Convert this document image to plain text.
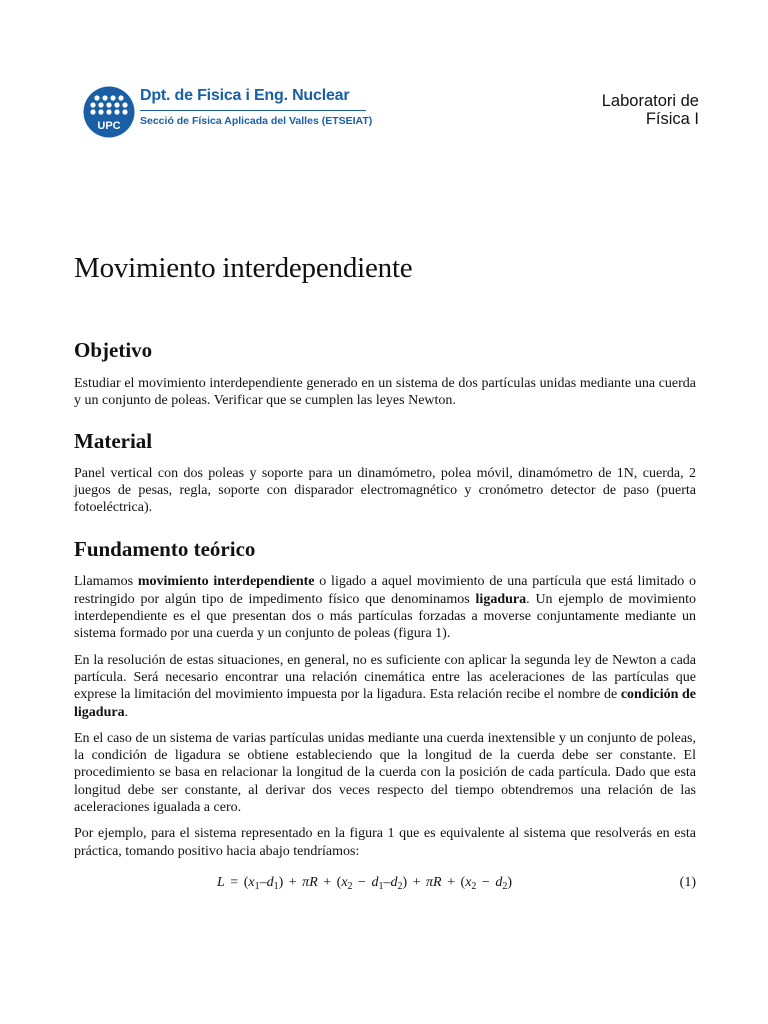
UPC
Dpt. de Fisica i Eng. Nuclear
Secció de Física Aplicada del Valles (ETSEIAT)
Laboratori de
Física I
Movimiento interdependiente
Objetivo

Estudiar el movimiento interdependiente generado en un sistema de dos partículas unidas mediante una cuerda y un conjunto de poleas. Verificar que se cumplen las leyes Newton.

Material

Panel vertical con dos poleas y soporte para un dinamómetro, polea móvil, dinamómetro de 1N, cuerda, 2 juegos de pesas, regla, soporte con disparador electromagnético y cronómetro detector de paso (puerta fotoeléctrica).

Fundamento teórico

Llamamos movimiento interdependiente o ligado a aquel movimiento de una partícula que está limitado o restringido por algún tipo de impedimento físico que denominamos ligadura. Un ejemplo de movimiento interdependiente es el que presentan dos o más partículas forzadas a moverse conjuntamente mediante un sistema formado por una cuerda y un conjunto de poleas (figura 1).

En la resolución de estas situaciones, en general, no es suficiente con aplicar la segunda ley de Newton a cada partícula. Será necesario encontrar una relación cinemática entre las aceleraciones de las partículas que exprese la limitación del movimiento impuesta por la ligadura. Esta relación recibe el nombre de condición de ligadura.

En el caso de un sistema de varias partículas unidas mediante una cuerda inextensible y un conjunto de poleas, la condición de ligadura se obtiene estableciendo que la longitud de la cuerda debe ser constante. El procedimiento se basa en relacionar la longitud de la cuerda con la posición de cada partícula. Dado que esta longitud debe ser constante, al derivar dos veces respecto del tiempo obtendremos una relación de las aceleraciones igualada a cero.

Por ejemplo, para el sistema representado en la figura 1 que es equivalente al sistema que resolverás en esta práctica, tomando positivo hacia abajo tendríamos:

$L = (x_1-d_1) + \pi R + (x_2 - d_1-d_2) + \pi R + (x_2 - d_2)$	(1)
